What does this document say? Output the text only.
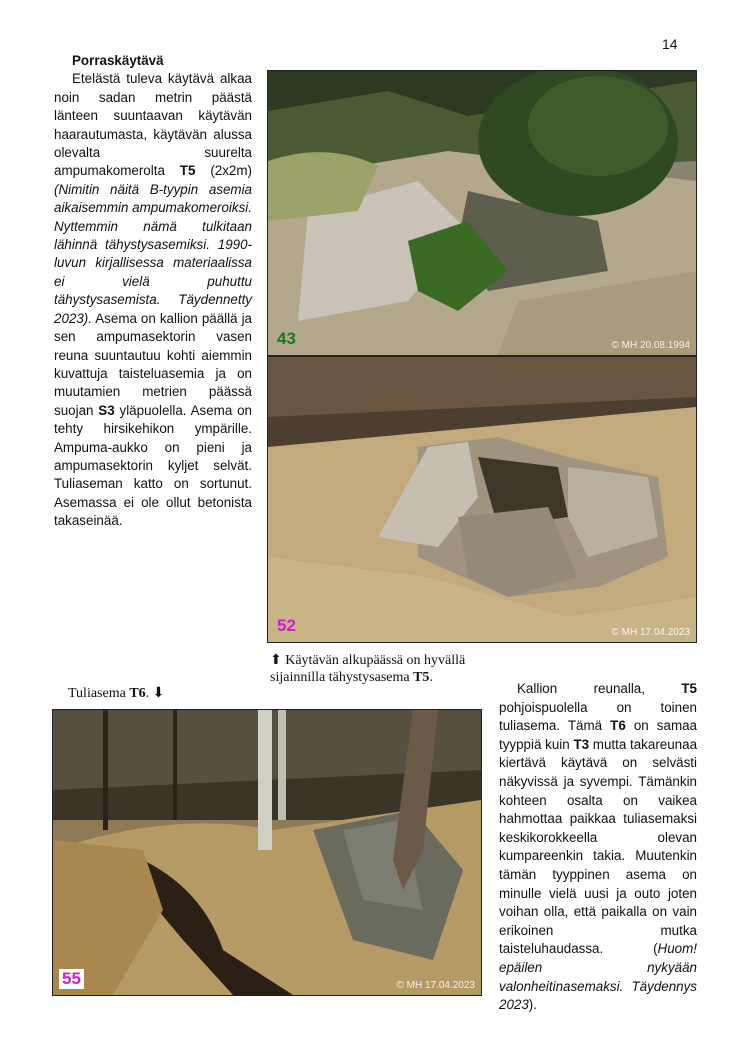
14
Porraskäytävä

Etelästä tuleva käytävä alkaa noin sadan metrin päästä länteen suuntaavan käytävän haarautumasta, käytävän alussa olevalta suurelta ampumakomerolta T5 (2x2m) (Nimitin näitä B-tyypin asemia aikaisemmin ampumakomeroiksi. Nyttemmin nämä tulkitaan lähinnä tähystysasemiksi. 1990-luvun kirjallisessa materiaalissa ei vielä puhuttu tähystysasemista. Täydennetty 2023). Asema on kallion päällä ja sen ampumasektorin vasen reuna suuntautuu kohti aiemmin kuvattuja taisteluasemia ja on muutamien metrien päässä suojan S3 yläpuolella. Asema on tehty hirsikehikon ympärille. Ampuma-aukko on pieni ja ampumasektorin kyljet selvät. Tuliaseman katto on sortunut. Asemassa ei ole ollut betonista takaseinää.

43	© MH 20.08.1994
52	© MH 17.04.2023
⬆ Käytävän alkupäässä on hyvällä sijainnilla tähystysasema T5.
Tuliasema T6. ⬇
55	© MH 17.04.2023

Kallion reunalla, T5 pohjoispuolella on toinen tuliasema. Tämä T6 on samaa tyyppiä kuin T3 mutta takareunaa kiertävä käytävä on selvästi näkyvissä ja syvempi. Tämänkin kohteen osalta on vaikea hahmottaa paikkaa tuliasemaksi keskikorokkeella olevan kumpareenkin takia. Muutenkin tämän tyyppinen asema on minulle vielä uusi ja outo joten voihan olla, että paikalla on vain erikoinen mutka taisteluhaudassa. (Huom! epäilen nykyään valonheitinasemaksi. Täydennys 2023).
